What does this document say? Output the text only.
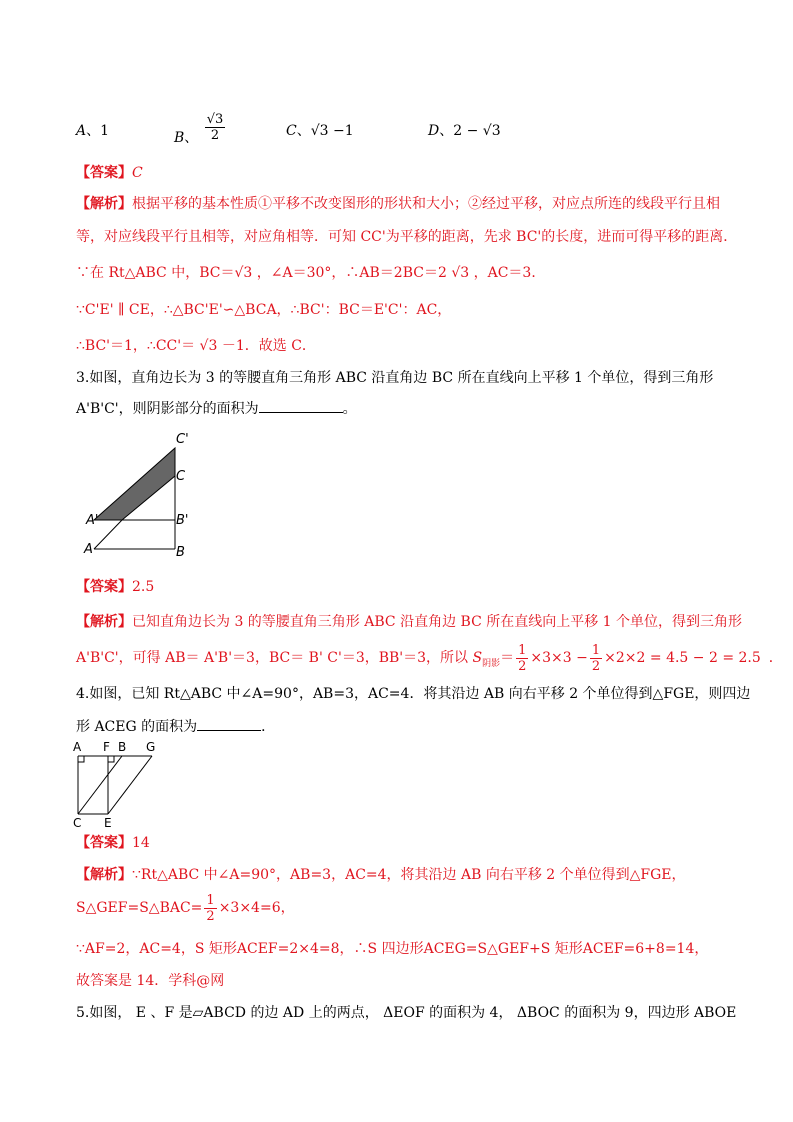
A、1	B、 $\frac{√3}{2}$	C、√3 −1	D、2 − √3
【答案】C
【解析】根据平移的基本性质①平移不改变图形的形状和大小；②经过平移，对应点所连的线段平行且相
等，对应线段平行且相等，对应角相等．可知 CC'为平移的距离，先求 BC'的长度，进而可得平移的距离．
∵在 Rt△ABC 中，BC＝√3 ，∠A＝30°，∴AB＝2BC＝2 √3 ，AC＝3．
∵C'E' ∥ CE，∴△BC'E'∽△BCA，∴BC'：BC＝E'C'：AC，
∴BC'＝1，∴CC'＝ √3 －1．故选 C．
3.如图，直角边长为 3 的等腰直角三角形 ABC 沿直角边 BC 所在直线向上平移 1 个单位，得到三角形
A'B'C'，则阴影部分的面积为	。
C'
C
A'	B'
A	B
【答案】2.5
【解析】已知直角边长为 3 的等腰直角三角形 ABC 沿直角边 BC 所在直线向上平移 1 个单位，得到三角形
A'B'C'，可得 AB＝ A'B'＝3，BC＝ B' C'＝3，BB'＝3，所以 $S_{阴影}= \frac{1}{2} \times 3\times 3 - \frac{1}{2} \times 2\times 2 = 4.5 - 2 = 2.5$ ．
4.如图，已知 Rt△ABC 中∠A=90°，AB=3，AC=4．将其沿边 AB 向右平移 2 个单位得到△FGE，则四边
形 ACEG 的面积为	．
A F B G
C E
【答案】14
【解析】∵Rt△ABC 中∠A=90°，AB=3，AC=4，将其沿边 AB 向右平移 2 个单位得到△FGE，
S△GEF=S△BAC= $\frac{1}{2} \times 3\times 4=6$，
∵AF=2，AC=4，S 矩形ACEF=2×4=8，∴S 四边形ACEG=S△GEF+S 矩形ACEF=6+8=14，
故答案是 14．学科@网
5.如图， E 、F 是▱ABCD 的边 AD 上的两点， ΔEOF 的面积为 4， ΔBOC 的面积为 9，四边形 ABOE
